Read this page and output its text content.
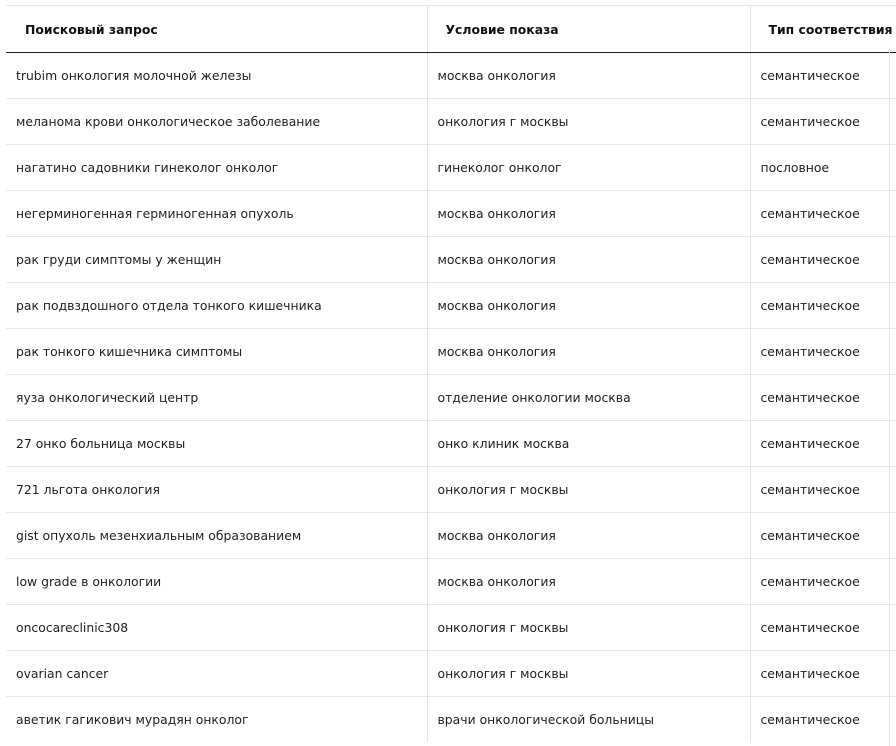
Поисковый запрос	Условие показа	Тип соответствия
trubim онкология молочной железы	москва онкология	семантическое
меланома крови онкологическое заболевание	онкология г москвы	семантическое
нагатино садовники гинеколог онколог	гинеколог онколог	пословное
негерминогенная герминогенная опухоль	москва онкология	семантическое
рак груди симптомы у женщин	москва онкология	семантическое
рак подвздошного отдела тонкого кишечника	москва онкология	семантическое
рак тонкого кишечника симптомы	москва онкология	семантическое
яуза онкологический центр	отделение онкологии москва	семантическое
27 онко больница москвы	онко клиник москва	семантическое
721 льгота онкология	онкология г москвы	семантическое
gist опухоль мезенхиальным образованием	москва онкология	семантическое
low grade в онкологии	москва онкология	семантическое
oncocareclinic308	онкология г москвы	семантическое
ovarian cancer	онкология г москвы	семантическое
аветик гагикович мурадян онколог	врачи онкологической больницы	семантическое
